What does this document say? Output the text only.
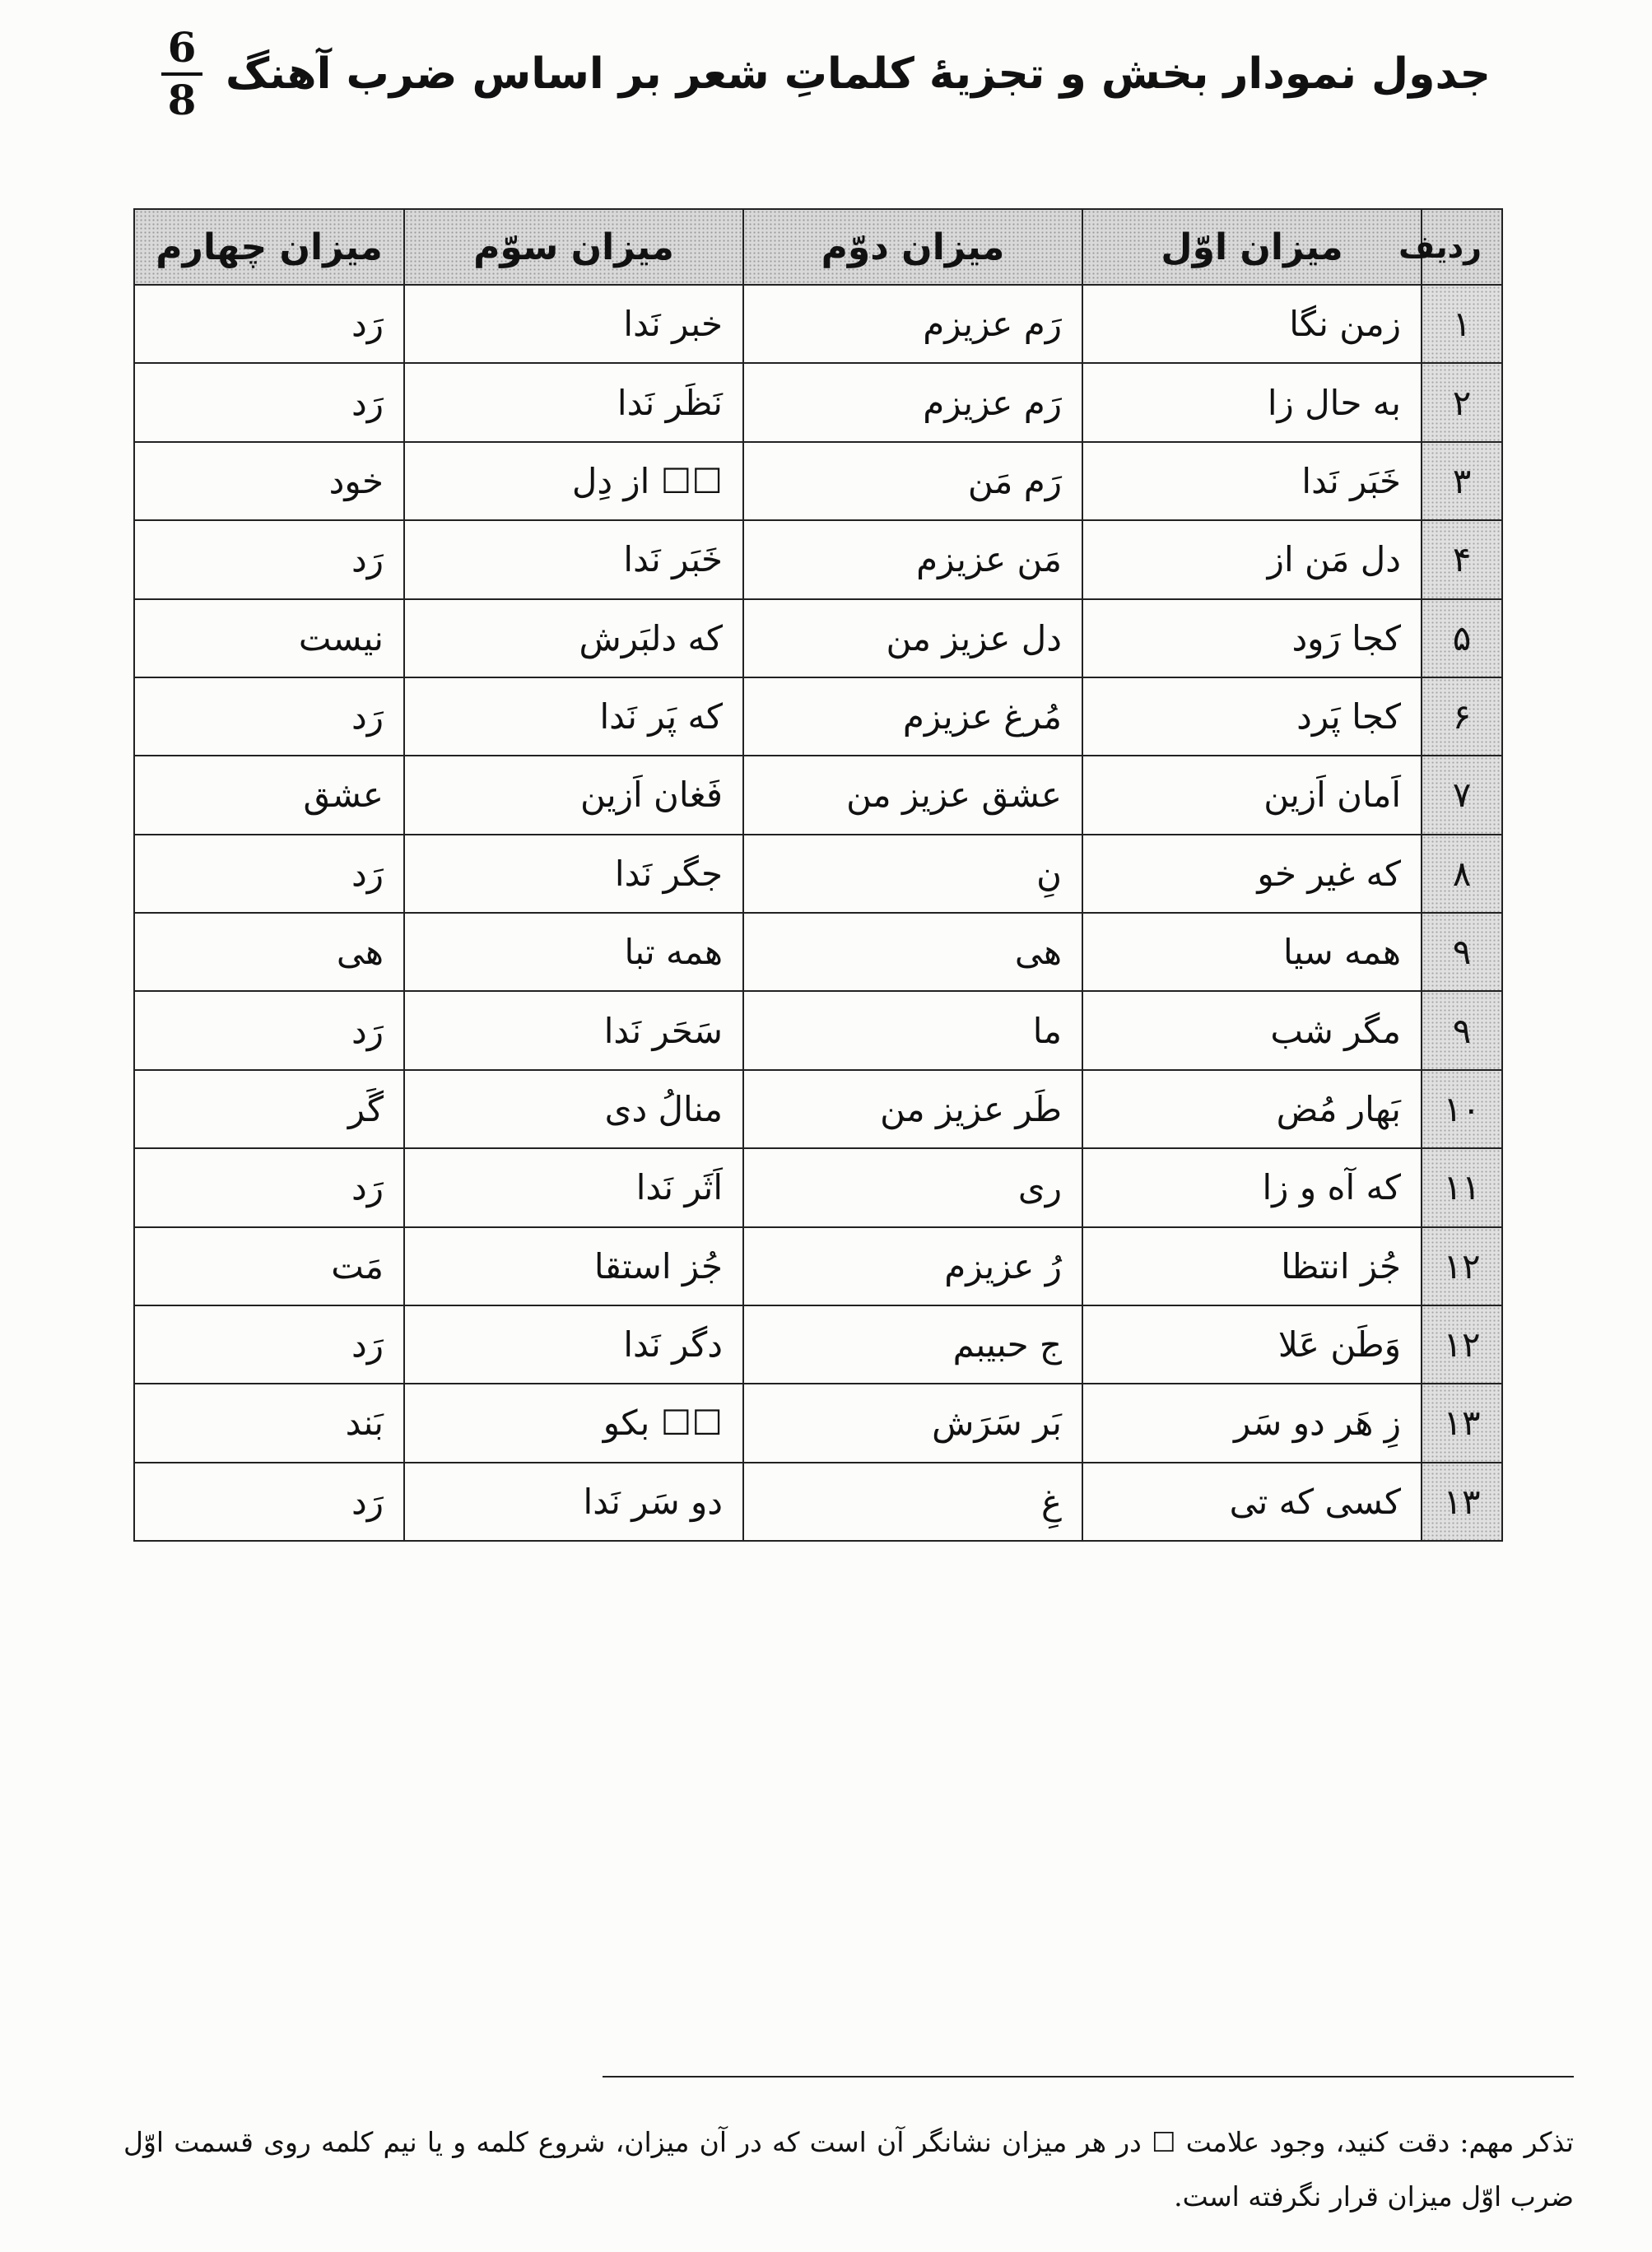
جدول نمودار بخش و تجزیهٔ کلماتِ شعر بر اساس ضرب آهنگ
$\frac{6}{8}$
ردیف	میزان اوّل	میزان دوّم	میزان سوّم	میزان چهارم
۱	زمن نگا	رَم عزیزم	خبر نَدا	رَد
۲	به حال زا	رَم عزیزم	نَظَر نَدا	رَد
۳	خَبَر نَدا	رَم مَن	☐☐ از دِل	خود
۴	دل مَن از	مَن عزیزم	خَبَر نَدا	رَد
۵	کجا رَود	دل عزیز من	که دلبَرش	نیست
۶	کجا پَرد	مُرغ عزیزم	که پَر نَدا	رَد
۷	اَمان اَزین	عشق عزیز من	فَغان اَزین	عشق
۸	که غیر خو	نِ	جگر نَدا	رَد
۹	همه سیا	هی	همه تبا	هی
۹	مگر شب	ما	سَحَر نَدا	رَد
۱۰	بَهار مُض	طَر عزیز من	منالُ دی	گَر
۱۱	که آه و زا	ری	اَثَر نَدا	رَد
۱۲	جُز انتظا	رُ عزیزم	جُز استقا	مَت
۱۲	وَطَن عَلا	ج حبیبم	دگر نَدا	رَد
۱۳	زِ هَر دو سَر	بَر سَرَش	☐☐ بکو	بَند
۱۳	کسی که تی	غِ	دو سَر نَدا	رَد
تذکر مهم: دقت کنید، وجود علامت ☐ در هر میزان نشانگر آن است که در آن میزان، شروع کلمه و یا نیم کلمه روی قسمت اوّل ضرب اوّل میزان قرار نگرفته است.
